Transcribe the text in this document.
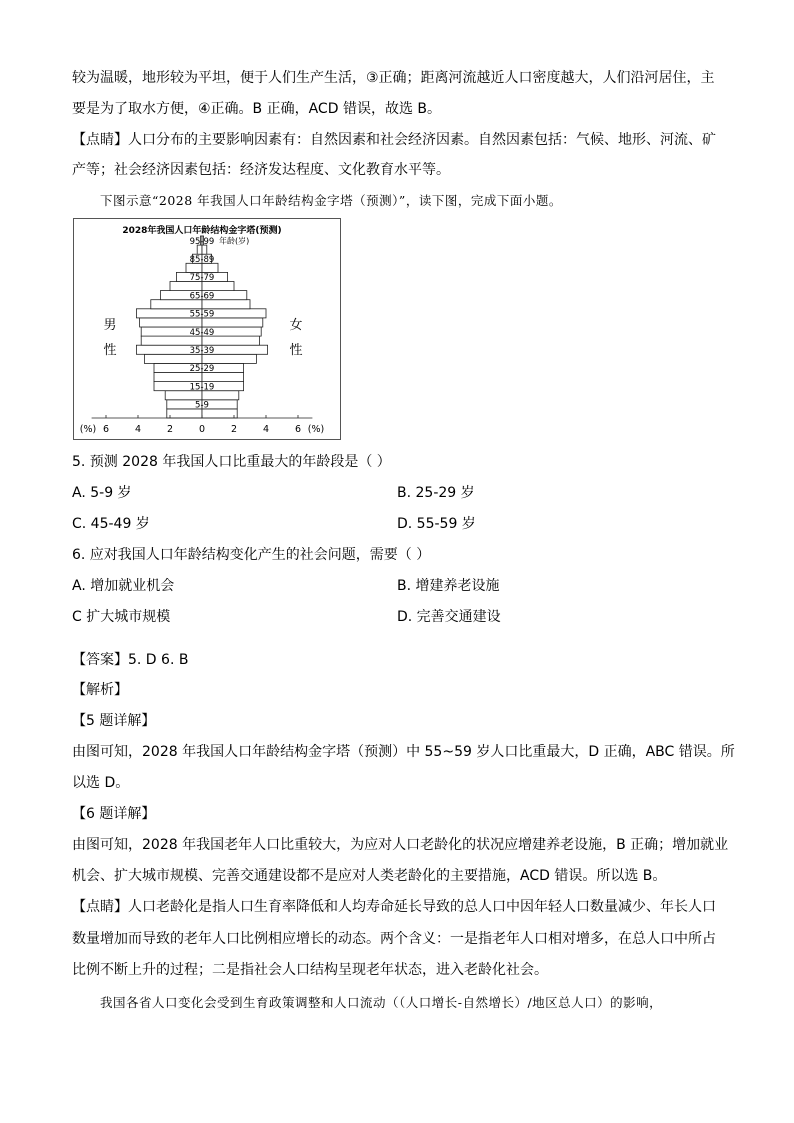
较为温暖，地形较为平坦，便于人们生产生活，③正确；距离河流越近人口密度越大，人们沿河居住，主
要是为了取水方便，④正确。B 正确，ACD 错误，故选 B。
【点睛】人口分布的主要影响因素有：自然因素和社会经济因素。自然因素包括：气候、地形、河流、矿
产等；社会经济因素包括：经济发达程度、文化教育水平等。
下图示意“2028 年我国人口年龄结构金字塔（预测）”，读下图，完成下面小题。
2028年我国人口年龄结构金字塔(预测)
5-9
15-19
25-29
35-39
45-49
55-59
65-69
75-79
85-89
95-99 年龄(岁)
男
性
女
性
6	4	2	0	2	4	6
(%)	(%)
5. 预测 2028 年我国人口比重最大的年龄段是（ ）
A. 5-9 岁	B. 25-29 岁
C. 45-49 岁	D. 55-59 岁
6. 应对我国人口年龄结构变化产生的社会问题，需要（ ）
A. 增加就业机会	B. 增建养老设施
C 扩大城市规模	D. 完善交通建设
【答案】5. D 6. B
【解析】
【5 题详解】
由图可知，2028 年我国人口年龄结构金字塔（预测）中 55~59 岁人口比重最大，D 正确，ABC 错误。所
以选 D。
【6 题详解】
由图可知，2028 年我国老年人口比重较大，为应对人口老龄化的状况应增建养老设施，B 正确；增加就业
机会、扩大城市规模、完善交通建设都不是应对人类老龄化的主要措施，ACD 错误。所以选 B。
【点睛】人口老龄化是指人口生育率降低和人均寿命延长导致的总人口中因年轻人口数量减少、年长人口
数量增加而导致的老年人口比例相应增长的动态。两个含义：一是指老年人口相对增多，在总人口中所占
比例不断上升的过程；二是指社会人口结构呈现老年状态，进入老龄化社会。
我国各省人口变化会受到生育政策调整和人口流动（（人口增长-自然增长）/地区总人口）的影响，
